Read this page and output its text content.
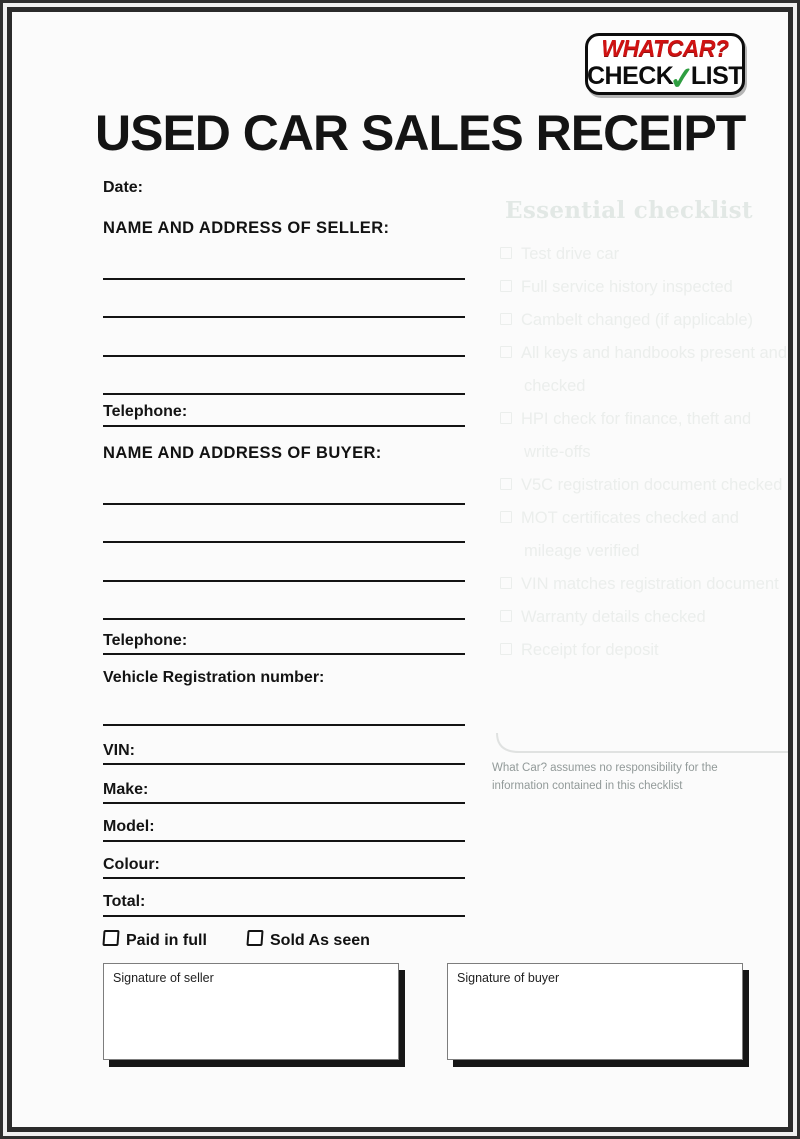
WHATCAR?
CHECK
✓
LIST
USED CAR SALES RECEIPT
Date:
NAME AND ADDRESS OF SELLER:
Telephone:
NAME AND ADDRESS OF BUYER:
Telephone:
Vehicle Registration number:
VIN:
Make:
Model:
Colour:
Total:
Paid in full	Sold As seen
Signature of seller	Signature of buyer
Essential checklist
Test drive car
Full service history inspected
Cambelt changed (if applicable)
All keys and handbooks present and checked
HPI check for finance, theft and write-offs
V5C registration document checked
MOT certificates checked and mileage verified
VIN matches registration document
Warranty details checked
Receipt for deposit
What Car? assumes no responsibility for the information contained in this checklist
